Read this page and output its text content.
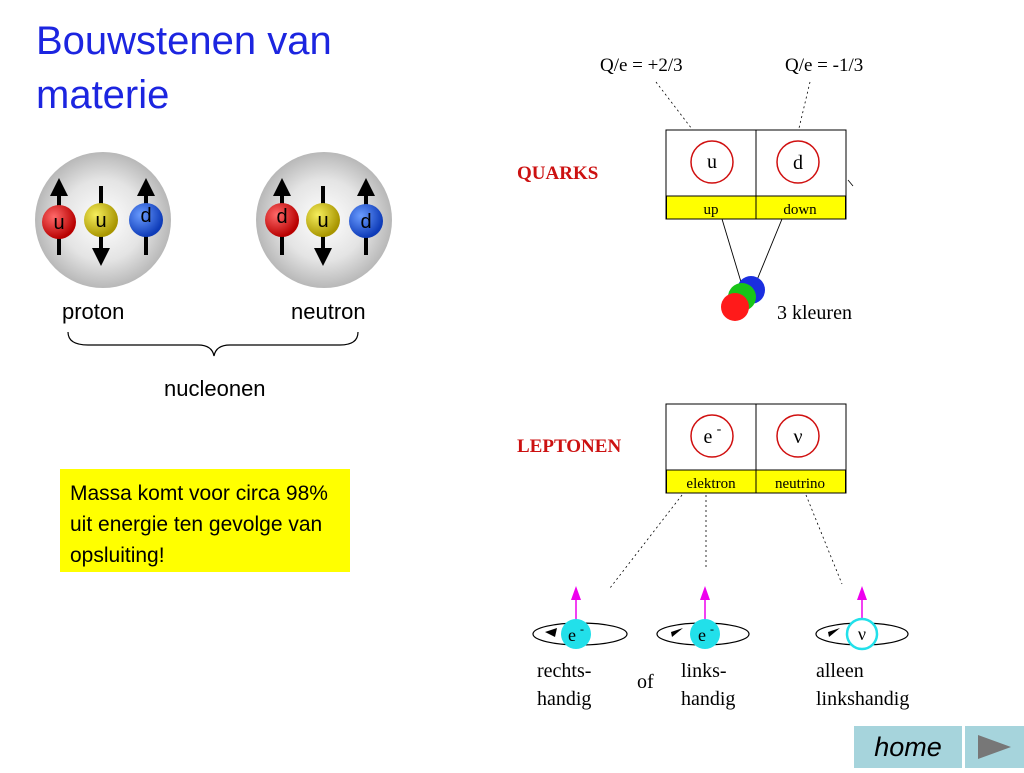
Bouwstenen van materie
u u d	d u d
QUARKS
Q/e = +2/3	Q/e = -1/3
u	d
up	down
3 kleuren
LEPTONEN	e -	ν
elektron	neutrino
e -	e -	ν
rechts-
handig
of links-
handig
alleen
linkshandig
proton	neutron
nucleonen
Massa komt voor circa 98% uit energie ten gevolge van opsluiting!
home
